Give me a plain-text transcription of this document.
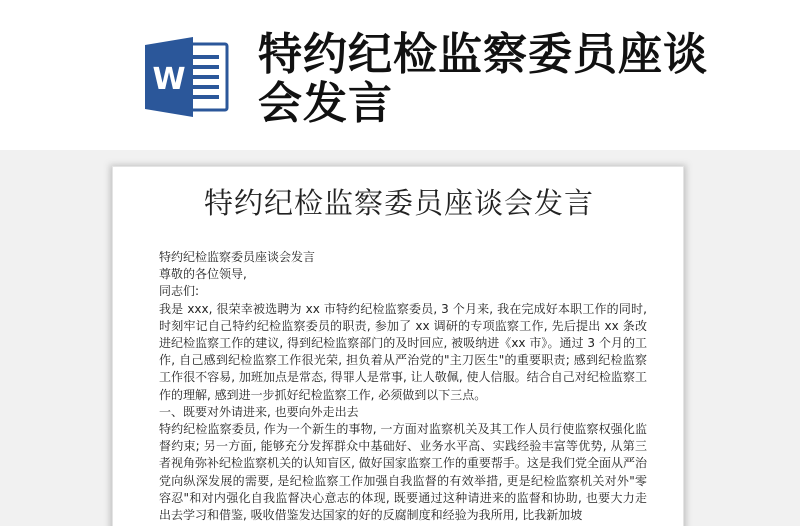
W 特约纪检监察委员座谈会发言
特约纪检监察委员座谈会发言

特约纪检监察委员座谈会发言

尊敬的各位领导,

同志们:

我是 xxx, 很荣幸被选聘为 xx 市特约纪检监察委员, 3 个月来, 我在完成好本职工作的同时, 时刻牢记自己特约纪检监察委员的职责, 参加了 xx 调研的专项监察工作, 先后提出 xx 条改进纪检监察工作的建议, 得到纪检监察部门的及时回应, 被吸纳进《xx 市》。通过 3 个月的工作, 自己感到纪检监察工作很光荣, 担负着从严治党的"主刀医生"的重要职责; 感到纪检监察工作很不容易, 加班加点是常态, 得罪人是常事, 让人敬佩, 使人信服。结合自己对纪检监察工作的理解, 感到进一步抓好纪检监察工作, 必须做到以下三点。

一、既要对外请进来, 也要向外走出去

特约纪检监察委员, 作为一个新生的事物, 一方面对监察机关及其工作人员行使监察权强化监督约束; 另一方面, 能够充分发挥群众中基础好、业务水平高、实践经验丰富等优势, 从第三者视角弥补纪检监察机关的认知盲区, 做好国家监察工作的重要帮手。这是我们党全面从严治党向纵深发展的需要, 是纪检监察工作加强自我监督的有效举措, 更是纪检监察机关对外"零容忍"和对内强化自我监督决心意志的体现, 既要通过这种请进来的监督和协助, 也要大力走出去学习和借鉴, 吸收借鉴发达国家的好的反腐制度和经验为我所用, 比我新加坡
